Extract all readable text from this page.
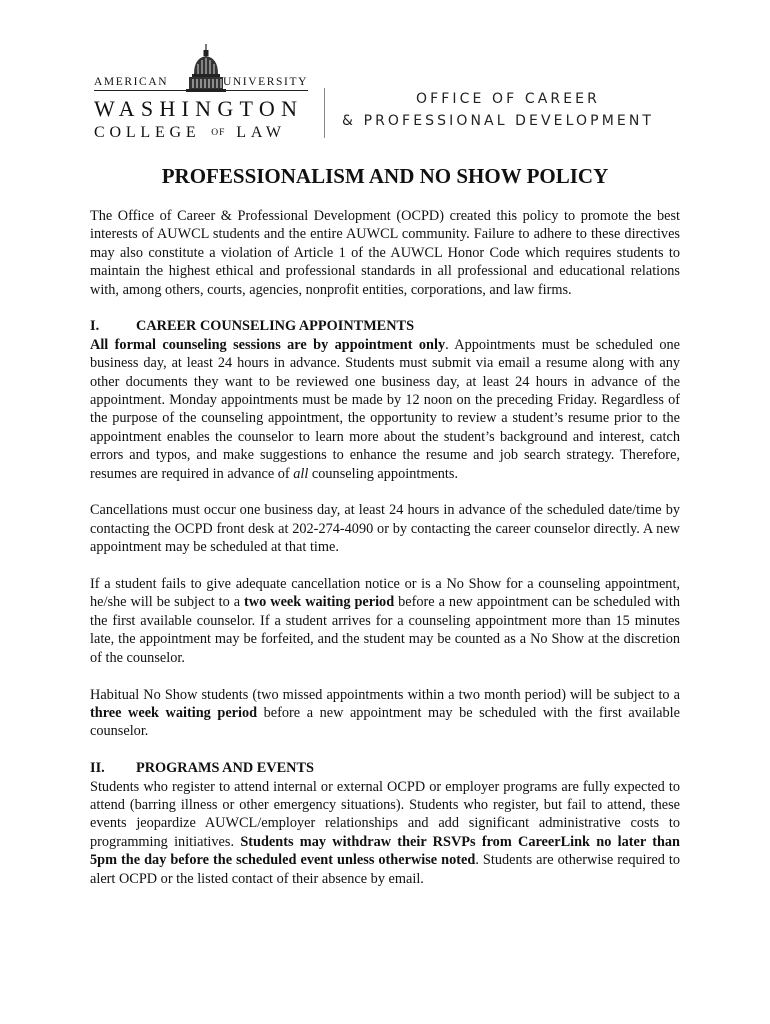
AMERICAN	UNIVERSITY
WASHINGTON
COLLEGE OF LAW
OFFICE OF CAREER
& PROFESSIONAL DEVELOPMENT
PROFESSIONALISM AND NO SHOW POLICY

The Office of Career & Professional Development (OCPD) created this policy to promote the best interests of AUWCL students and the entire AUWCL community. Failure to adhere to these directives may also constitute a violation of Article 1 of the AUWCL Honor Code which requires students to maintain the highest ethical and professional standards in all professional and educational relations with, among others, courts, agencies, nonprofit entities, corporations, and law firms.

I.	CAREER COUNSELING APPOINTMENTS

All formal counseling sessions are by appointment only. Appointments must be scheduled one business day, at least 24 hours in advance. Students must submit via email a resume along with any other documents they want to be reviewed one business day, at least 24 hours in advance of the appointment. Monday appointments must be made by 12 noon on the preceding Friday. Regardless of the purpose of the counseling appointment, the opportunity to review a student’s resume prior to the appointment enables the counselor to learn more about the student’s background and interest, catch errors and typos, and make suggestions to enhance the resume and job search strategy. Therefore, resumes are required in advance of all counseling appointments.

Cancellations must occur one business day, at least 24 hours in advance of the scheduled date/time by contacting the OCPD front desk at 202-274-4090 or by contacting the career counselor directly. A new appointment may be scheduled at that time.

If a student fails to give adequate cancellation notice or is a No Show for a counseling appointment, he/she will be subject to a two week waiting period before a new appointment can be scheduled with the first available counselor. If a student arrives for a counseling appointment more than 15 minutes late, the appointment may be forfeited, and the student may be counted as a No Show at the discretion of the counselor.

Habitual No Show students (two missed appointments within a two month period) will be subject to a three week waiting period before a new appointment may be scheduled with the first available counselor.

II. PROGRAMS AND EVENTS

Students who register to attend internal or external OCPD or employer programs are fully expected to attend (barring illness or other emergency situations). Students who register, but fail to attend, these events jeopardize AUWCL/employer relationships and add significant administrative costs to programming initiatives. Students may withdraw their RSVPs from CareerLink no later than 5pm the day before the scheduled event unless otherwise noted. Students are otherwise required to alert OCPD or the listed contact of their absence by email.
